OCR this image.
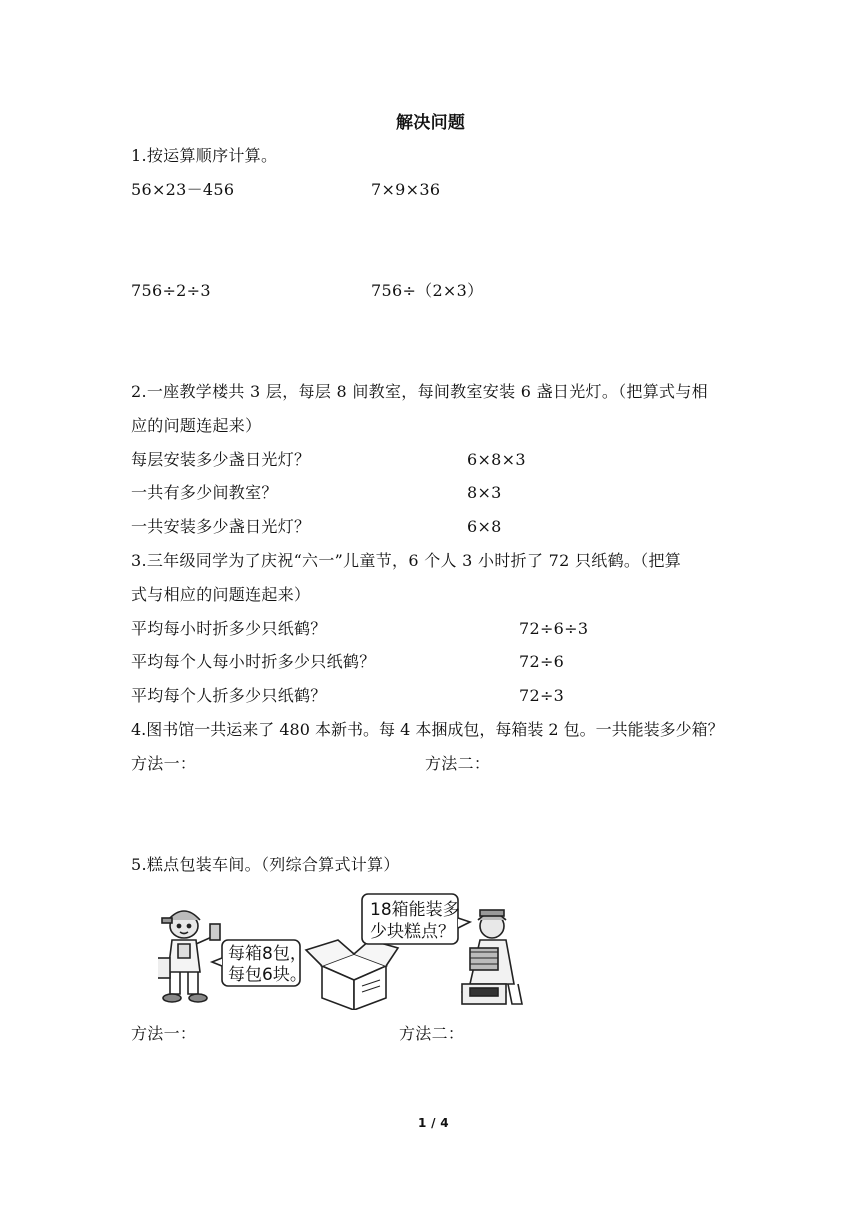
解决问题
1.按运算顺序计算。
56×23－456	7×9×36
756÷2÷3	756÷（2×3）
2.一座教学楼共 3 层，每层 8 间教室，每间教室安装 6 盏日光灯。（把算式与相
应的问题连起来）
每层安装多少盏日光灯？	6×8×3
一共有多少间教室？	8×3
一共安装多少盏日光灯？	6×8
3.三年级同学为了庆祝“六一”儿童节，6 个人 3 小时折了 72 只纸鹤。（把算
式与相应的问题连起来）
平均每小时折多少只纸鹤？	72÷6÷3
平均每个人每小时折多少只纸鹤？	72÷6
平均每个人折多少只纸鹤？	72÷3
4.图书馆一共运来了 480 本新书。每 4 本捆成包，每箱装 2 包。一共能装多少箱？
方法一：	方法二：
5.糕点包装车间。（列综合算式计算）
每箱8包，
每包6块。
18箱能装多
少块糕点？
方法一：	方法二：
1 / 4
